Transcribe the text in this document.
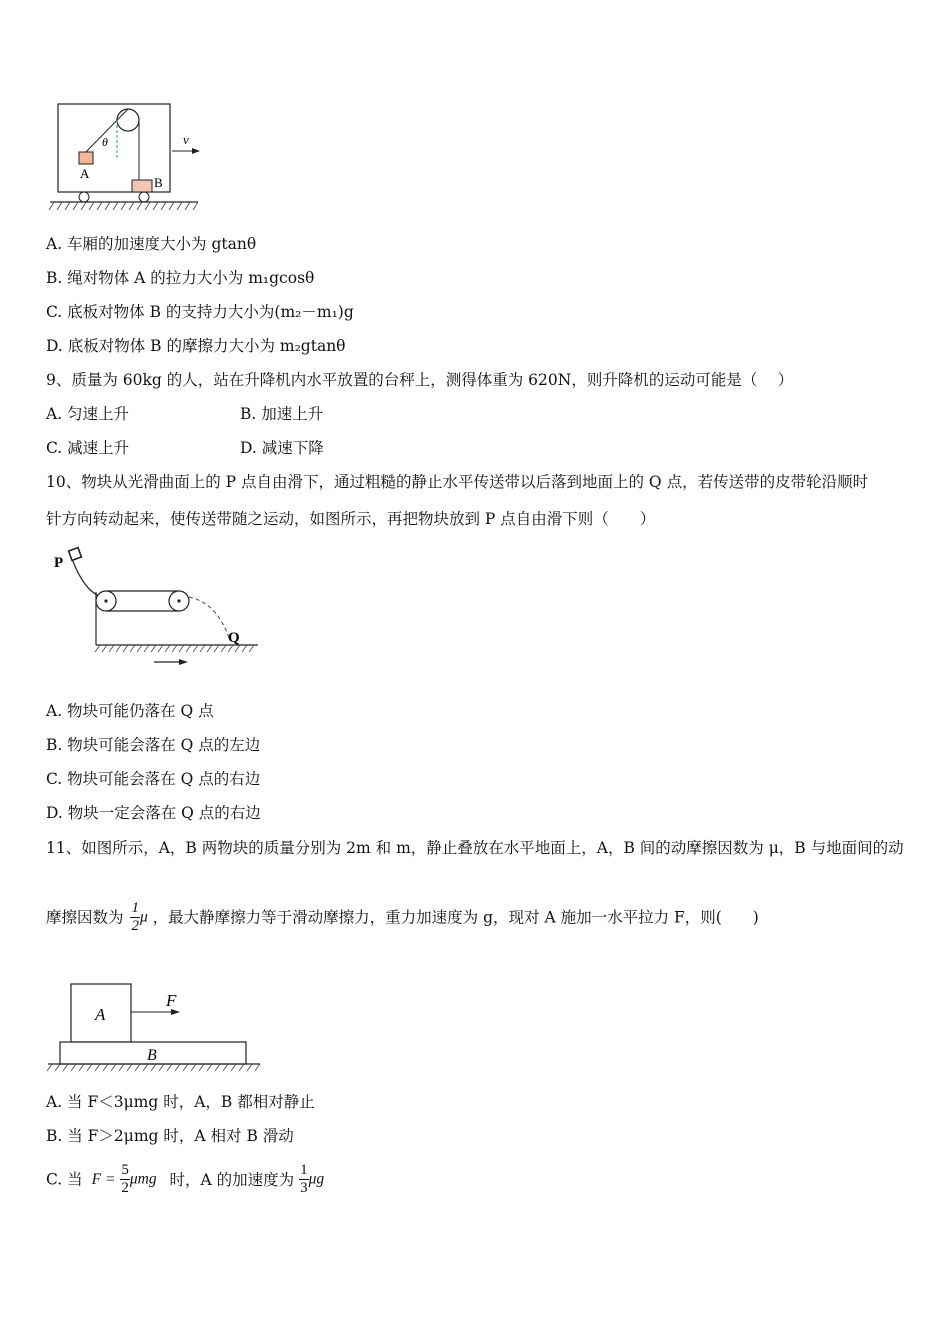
A
B
θ	v
A. 车厢的加速度大小为 gtanθ
B. 绳对物体 A 的拉力大小为 m₁gcosθ
C. 底板对物体 B 的支持力大小为(m₂－m₁)g
D. 底板对物体 B 的摩擦力大小为 m₂gtanθ
9、质量为 60kg 的人，站在升降机内水平放置的台秤上，测得体重为 620N，则升降机的运动可能是（　 ）
A. 匀速上升	B. 加速上升
C. 减速上升	D. 减速下降
10、物块从光滑曲面上的 P 点自由滑下，通过粗糙的静止水平传送带以后落到地面上的 Q 点，若传送带的皮带轮沿顺时
针方向转动起来，使传送带随之运动，如图所示，再把物块放到 P 点自由滑下则（　　）
P
Q
A. 物块可能仍落在 Q 点
B. 物块可能会落在 Q 点的左边
C. 物块可能会落在 Q 点的右边
D. 物块一定会落在 Q 点的右边
11、如图所示，A，B 两物块的质量分别为 2m 和 m，静止叠放在水平地面上，A，B 间的动摩擦因数为 μ，B 与地面间的动
摩擦因数为 $\frac{1}{2}$ μ ，最大静摩擦力等于滑动摩擦力，重力加速度为 g，现对 A 施加一水平拉力 F，则(　　)
A
B
F
A. 当 F＜3μmg 时，A，B 都相对静止
B. 当 F＞2μmg 时，A 相对 B 滑动
C. 当 $F = \frac{5}{2}$ μmg 时，A 的加速度为 $\frac{1}{3}$ μg
